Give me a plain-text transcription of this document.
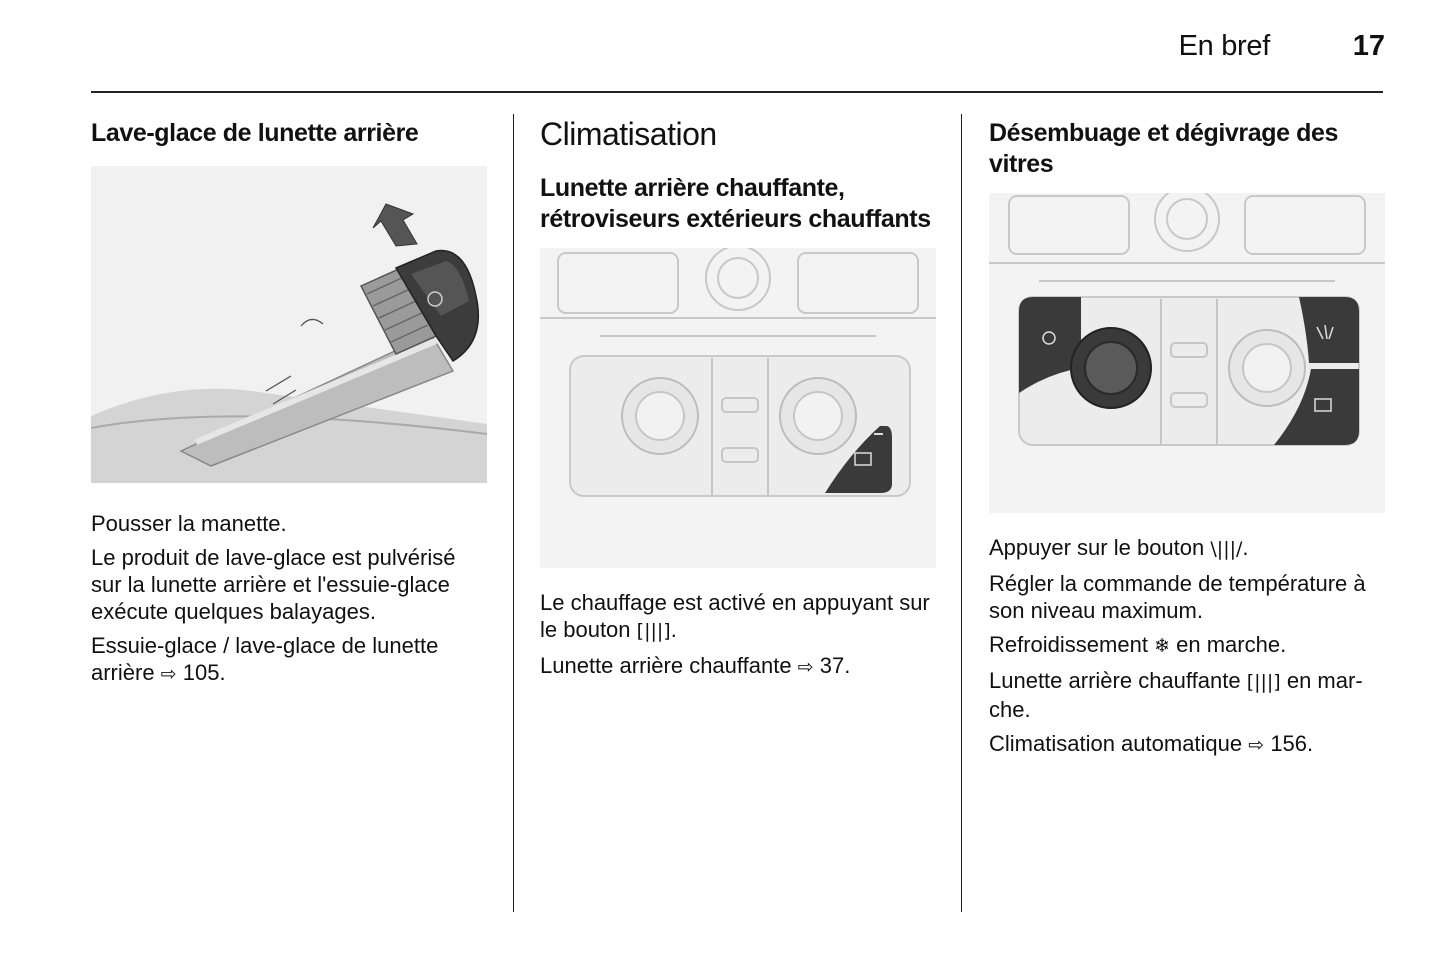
En bref	17
Lave-glace de lunette arrière

Pousser la manette.

Le produit de lave-glace est pulvérisé sur la lunette arrière et l'essuie-glace exécute quelques balayages.

Essuie-glace / lave-glace de lunette arrière ⇨ 105.

Climatisation
Lunette arrière chauffante, rétroviseurs extérieurs chauffants

Le chauffage est activé en appuyant sur le bouton [|||].

Lunette arrière chauffante ⇨ 37.

Désembuage et dégivrage des vitres

Appuyer sur le bouton \|||/.

Régler la commande de température à son niveau maximum.

Refroidissement ❄ en marche.

Lunette arrière chauffante [|||] en mar-
che.

Climatisation automatique ⇨ 156.
